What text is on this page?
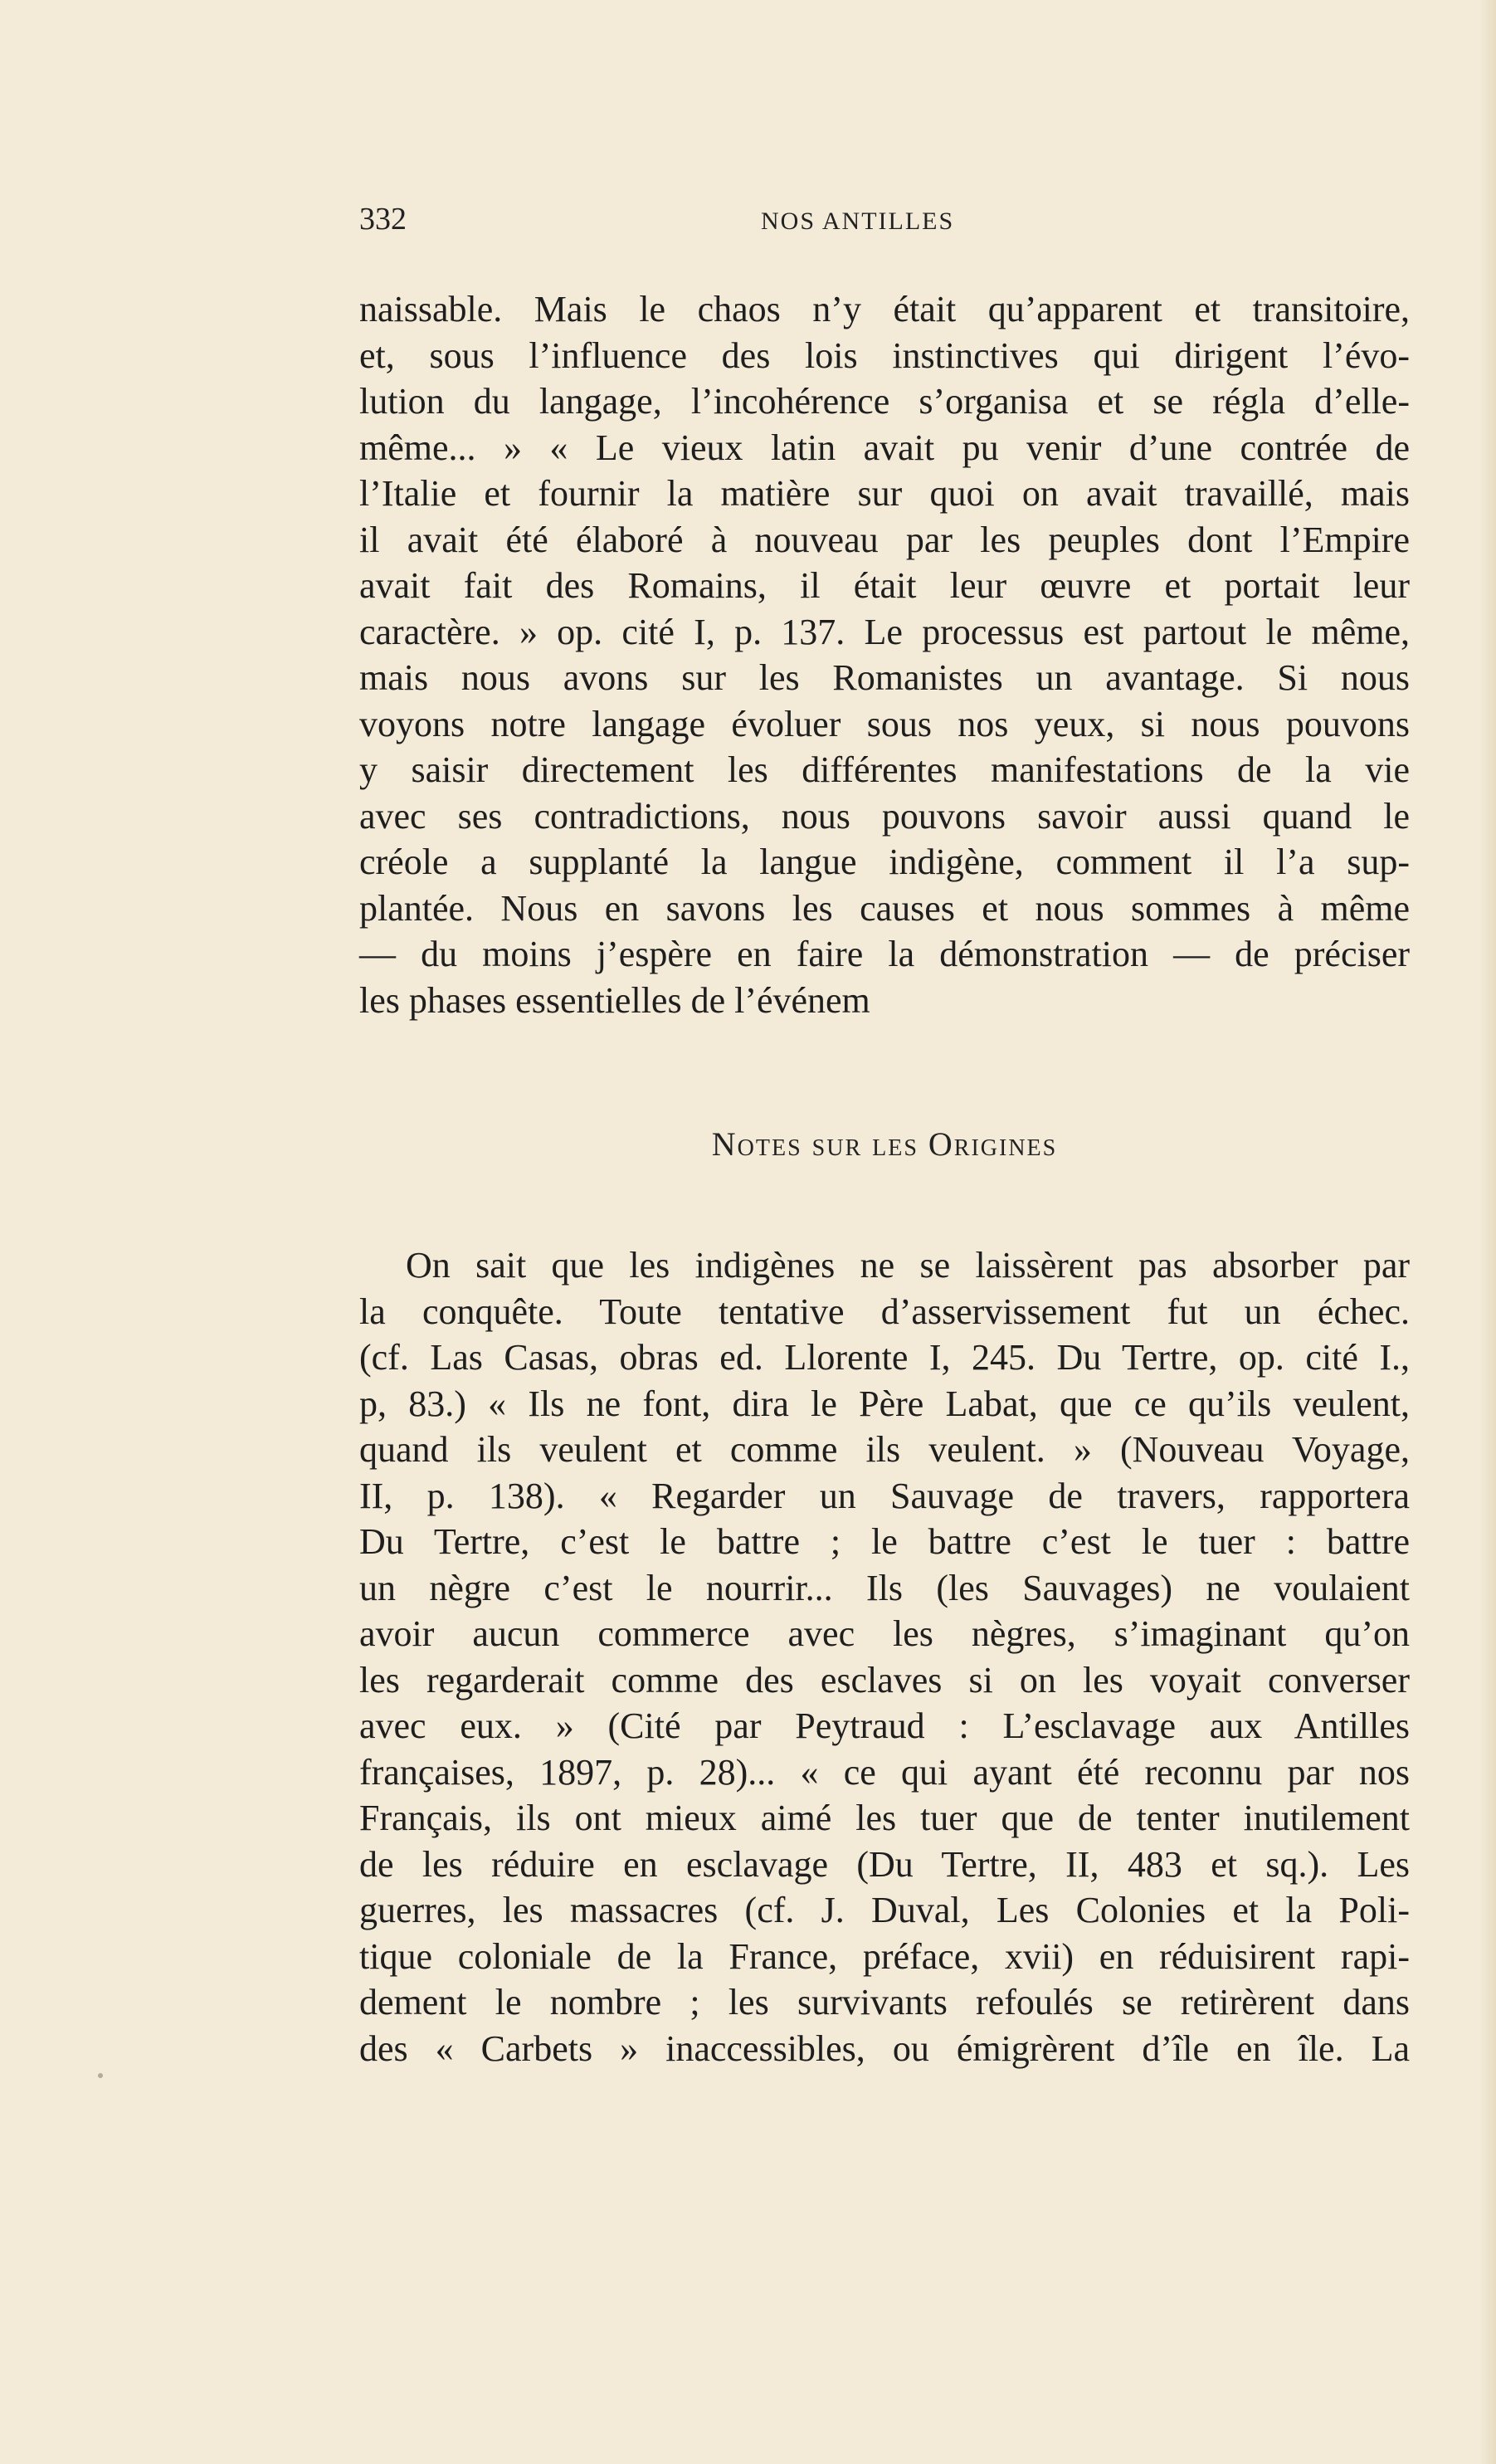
332	NOS ANTILLES
naissable. Mais le chaos n’y était qu’apparent et transitoire,
et, sous l’influence des lois instinctives qui dirigent l’évo-
lution du langage, l’incohérence s’organisa et se régla d’elle-
même... » « Le vieux latin avait pu venir d’une contrée de
l’Italie et fournir la matière sur quoi on avait travaillé, mais
il avait été élaboré à nouveau par les peuples dont l’Empire
avait fait des Romains, il était leur œuvre et portait leur
caractère. » op. cité I, p. 137. Le processus est partout le même,
mais nous avons sur les Romanistes un avantage. Si nous
voyons notre langage évoluer sous nos yeux, si nous pouvons
y saisir directement les différentes manifestations de la vie
avec ses contradictions, nous pouvons savoir aussi quand le
créole a supplanté la langue indigène, comment il l’a sup-
plantée. Nous en savons les causes et nous sommes à même
— du moins j’espère en faire la démonstration — de préciser
les phases essentielles de l’événem
Notes sur les Origines
On sait que les indigènes ne se laissèrent pas absorber par
la conquête. Toute tentative d’asservissement fut un échec.
(cf. Las Casas, obras ed. Llorente I, 245. Du Tertre, op. cité I.,
p, 83.) « Ils ne font, dira le Père Labat, que ce qu’ils veulent,
quand ils veulent et comme ils veulent. » (Nouveau Voyage,
II, p. 138). « Regarder un Sauvage de travers, rapportera
Du Tertre, c’est le battre ; le battre c’est le tuer : battre
un nègre c’est le nourrir... Ils (les Sauvages) ne voulaient
avoir aucun commerce avec les nègres, s’imaginant qu’on
les regarderait comme des esclaves si on les voyait converser
avec eux. » (Cité par Peytraud : L’esclavage aux Antilles
françaises, 1897, p. 28)... « ce qui ayant été reconnu par nos
Français, ils ont mieux aimé les tuer que de tenter inutilement
de les réduire en esclavage (Du Tertre, II, 483 et sq.). Les
guerres, les massacres (cf. J. Duval, Les Colonies et la Poli-
tique coloniale de la France, préface, xvii) en réduisirent rapi-
dement le nombre ; les survivants refoulés se retirèrent dans
des « Carbets » inaccessibles, ou émigrèrent d’île en île. La
